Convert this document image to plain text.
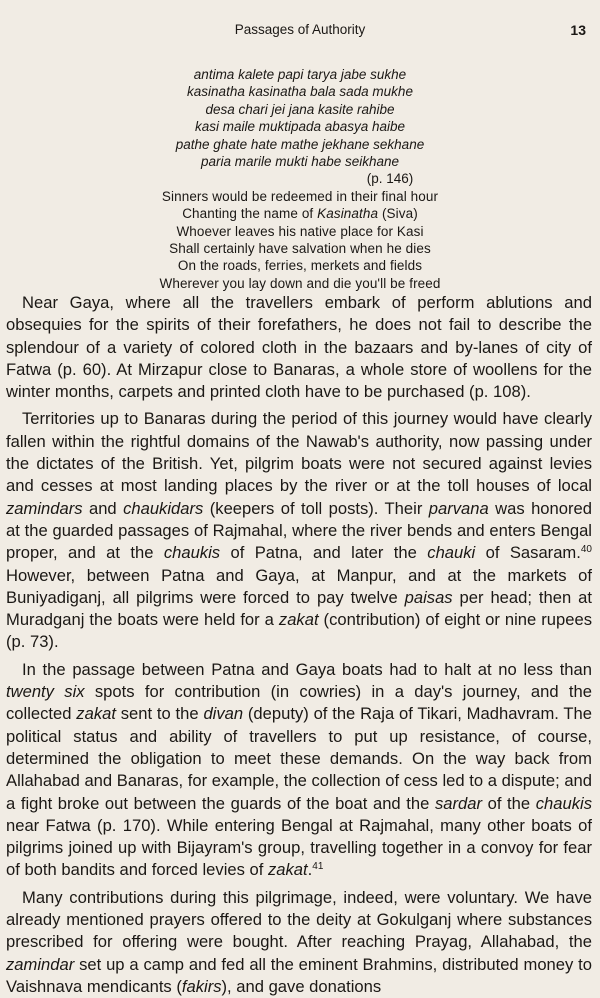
Passages of Authority	13
antima kalete papi tarya jabe sukhe
kasinatha kasinatha bala sada mukhe
desa chari jei jana kasite rahibe
kasi maile muktipada abasya haibe
pathe ghate hate mathe jekhane sekhane
paria marile mukti habe seikhane
(p. 146)
Sinners would be redeemed in their final hour
Chanting the name of Kasinatha (Siva)
Whoever leaves his native place for Kasi
Shall certainly have salvation when he dies
On the roads, ferries, merkets and fields
Wherever you lay down and die you'll be freed

Near Gaya, where all the travellers embark of perform ablutions and obsequies for the spirits of their forefathers, he does not fail to describe the splendour of a variety of colored cloth in the bazaars and by-lanes of city of Fatwa (p. 60). At Mirzapur close to Banaras, a whole store of woollens for the winter months, carpets and printed cloth have to be purchased (p. 108).

Territories up to Banaras during the period of this journey would have clearly fallen within the rightful domains of the Nawab's authority, now passing under the dictates of the British. Yet, pilgrim boats were not secured against levies and cesses at most landing places by the river or at the toll houses of local zamindars and chaukidars (keepers of toll posts). Their parvana was honored at the guarded passages of Rajmahal, where the river bends and enters Bengal proper, and at the chaukis of Patna, and later the chauki of Sasaram.$^{40}$ However, between Patna and Gaya, at Manpur, and at the markets of Buniyadiganj, all pilgrims were forced to pay twelve paisas per head; then at Muradganj the boats were held for a zakat (contribution) of eight or nine rupees (p. 73).

In the passage between Patna and Gaya boats had to halt at no less than twenty six spots for contribution (in cowries) in a day's journey, and the collected zakat sent to the divan (deputy) of the Raja of Tikari, Madhavram. The political status and ability of travellers to put up resistance, of course, determined the obligation to meet these demands. On the way back from Allahabad and Banaras, for example, the collection of cess led to a dispute; and a fight broke out between the guards of the boat and the sardar of the chaukis near Fatwa (p. 170). While entering Bengal at Rajmahal, many other boats of pilgrims joined up with Bijayram's group, travelling together in a convoy for fear of both bandits and forced levies of zakat.$^{41}$

Many contributions during this pilgrimage, indeed, were voluntary. We have already mentioned prayers offered to the deity at Gokulganj where substances prescribed for offering were bought. After reaching Prayag, Allahabad, the zamindar set up a camp and fed all the eminent Brahmins, distributed money to Vaishnava mendicants (fakirs), and gave donations
